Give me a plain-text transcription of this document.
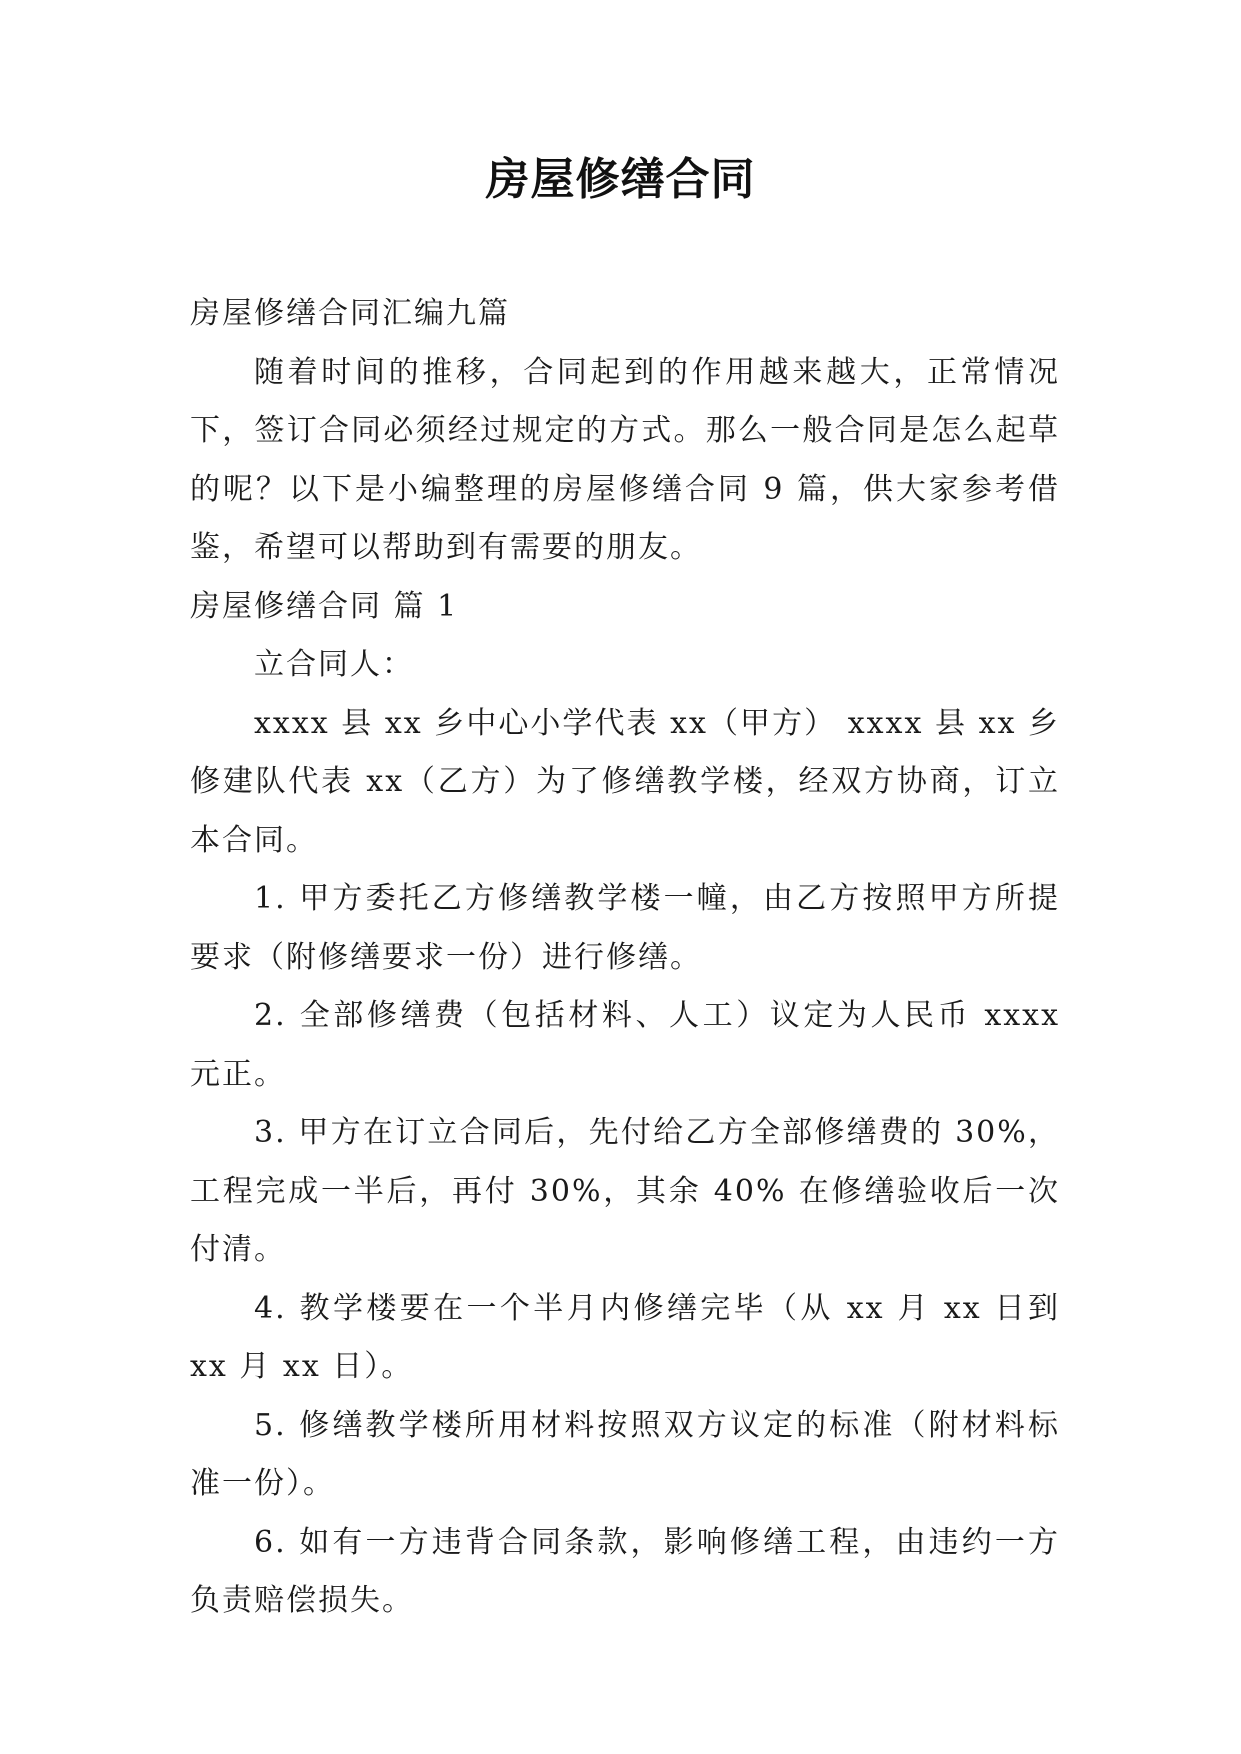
房屋修缮合同

房屋修缮合同汇编九篇

随着时间的推移，合同起到的作用越来越大，正常情况下，签订合同必须经过规定的方式。那么一般合同是怎么起草的呢？以下是小编整理的房屋修缮合同 9 篇，供大家参考借鉴，希望可以帮助到有需要的朋友。

房屋修缮合同 篇 1

立合同人：

xxxx 县 xx 乡中心小学代表 xx（甲方） xxxx 县 xx 乡修建队代表 xx（乙方）为了修缮教学楼，经双方协商，订立本合同。

1. 甲方委托乙方修缮教学楼一幢，由乙方按照甲方所提要求（附修缮要求一份）进行修缮。

2. 全部修缮费（包括材料、人工）议定为人民币 xxxx 元正。

3. 甲方在订立合同后，先付给乙方全部修缮费的 30%，工程完成一半后，再付 30%，其余 40% 在修缮验收后一次付清。

4. 教学楼要在一个半月内修缮完毕（从 xx 月 xx 日到 xx 月 xx 日）。

5. 修缮教学楼所用材料按照双方议定的标准（附材料标准一份）。

6. 如有一方违背合同条款，影响修缮工程，由违约一方负责赔偿损失。
